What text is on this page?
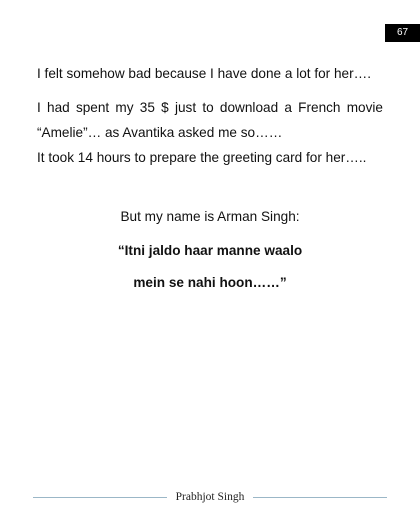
67

I felt somehow bad because I have done a lot for her….

I had spent my 35 $ just to download a French movie “Amelie”… as Avantika asked me so……

It took 14 hours to prepare the greeting card for her…..

But my name is Arman Singh:

“Itni jaldo haar manne waalo

mein se nahi hoon……”

Prabhjot Singh
